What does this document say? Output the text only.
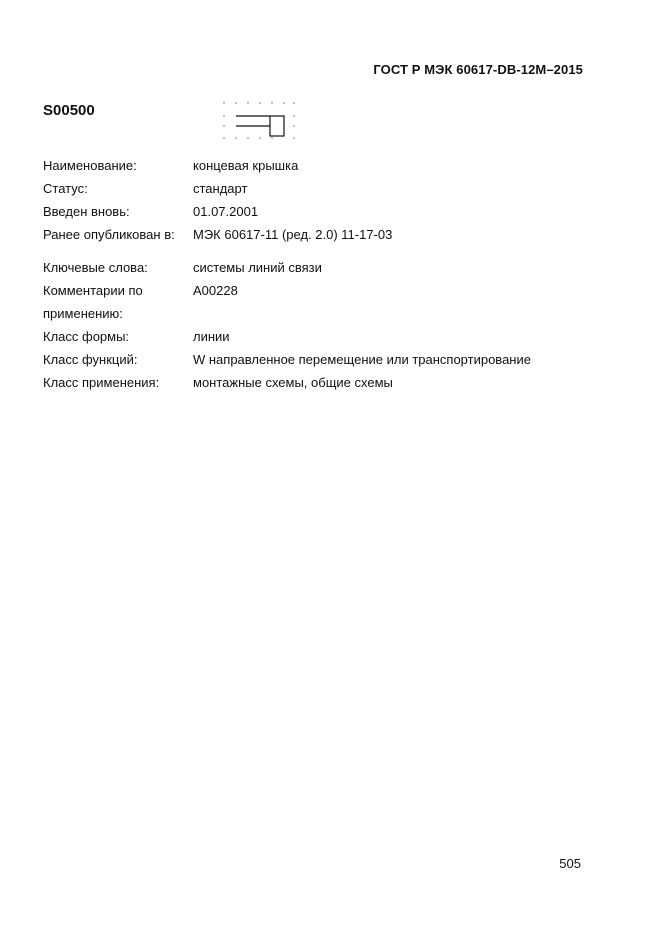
ГОСТ Р МЭК 60617-DB-12M–2015
S00500
Наименование:	концевая крышка
Статус:	стандарт
Введен вновь:	01.07.2001
Ранее опубликован в:	МЭК 60617-11 (ред. 2.0) 11-17-03
Ключевые слова:	системы линий связи
Комментарии по применению:
A00228
Класс формы:	линии
Класс функций:	W направленное перемещение или транспортирование
Класс применения:	монтажные схемы, общие схемы
505
